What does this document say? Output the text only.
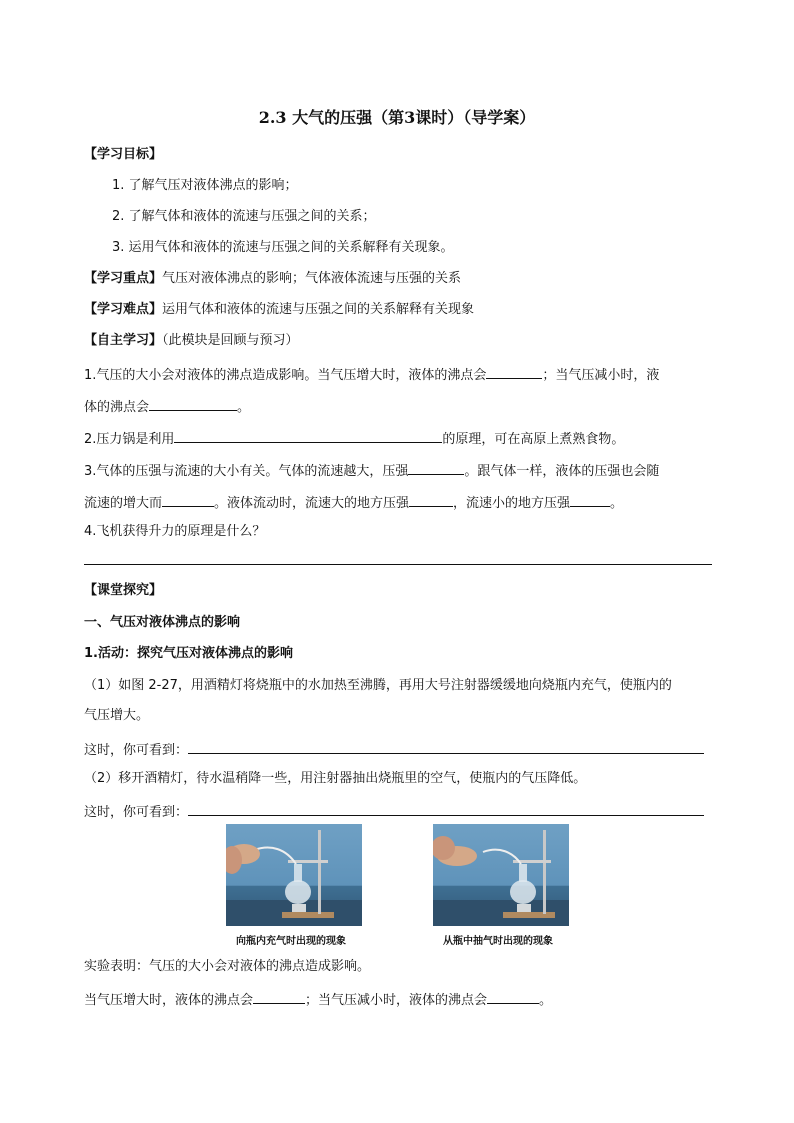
2.3 大气的压强（第3课时）（导学案）
【学习目标】
1. 了解气压对液体沸点的影响；
2. 了解气体和液体的流速与压强之间的关系；
3. 运用气体和液体的流速与压强之间的关系解释有关现象。
【学习重点】气压对液体沸点的影响；气体液体流速与压强的关系
【学习难点】运用气体和液体的流速与压强之间的关系解释有关现象
【自主学习】（此模块是回顾与预习）
1.气压的大小会对液体的沸点造成影响。当气压增大时，液体的沸点会	；当气压减小时，液
体的沸点会	。
2.压力锅是利用	的原理，可在高原上煮熟食物。
3.气体的压强与流速的大小有关。气体的流速越大，压强	。跟气体一样，液体的压强也会随
流速的增大而	。液体流动时，流速大的地方压强	，流速小的地方压强	。
4.飞机获得升力的原理是什么？
【课堂探究】
一、气压对液体沸点的影响
1.活动：探究气压对液体沸点的影响
（1）如图 2-27，用酒精灯将烧瓶中的水加热至沸腾，再用大号注射器缓缓地向烧瓶内充气，使瓶内的
气压增大。
这时，你可看到：
（2）移开酒精灯，待水温稍降一些，用注射器抽出烧瓶里的空气，使瓶内的气压降低。
这时，你可看到：
向瓶内充气时出现的现象	从瓶中抽气时出现的现象
实验表明：气压的大小会对液体的沸点造成影响。
当气压增大时，液体的沸点会	；当气压减小时，液体的沸点会	。
